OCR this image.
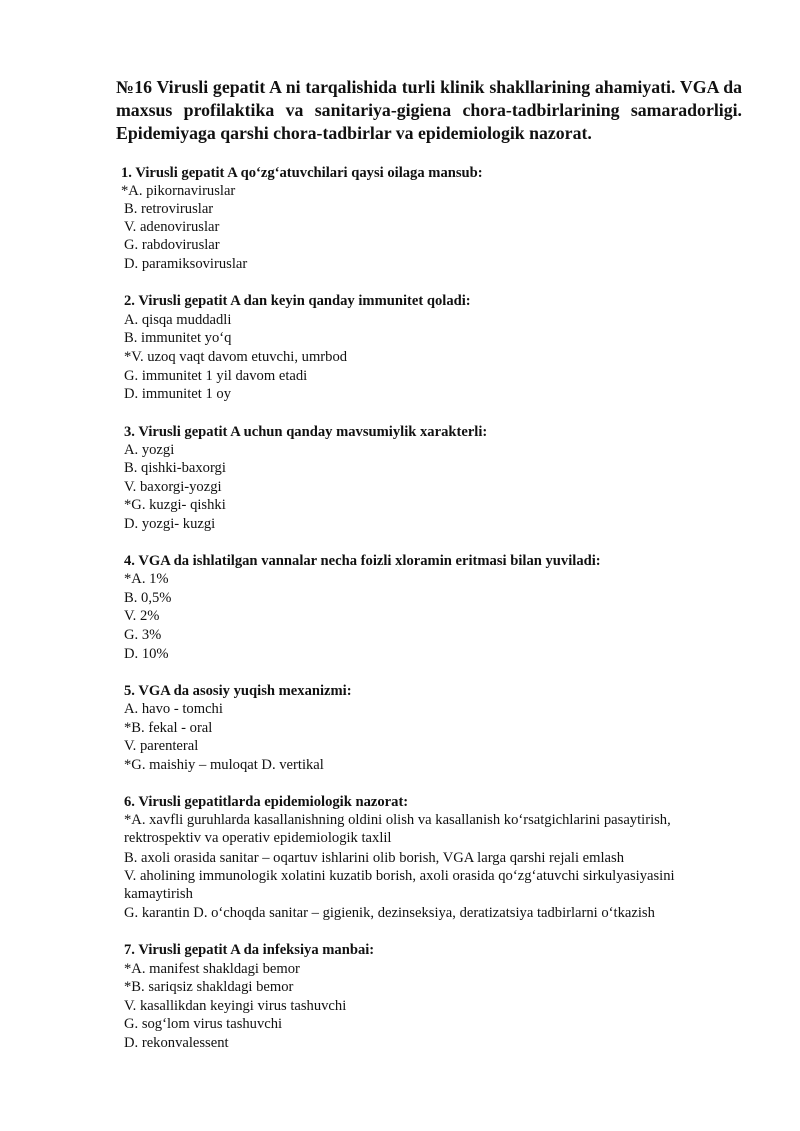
№16 Virusli gepatit A ni tarqalishida turli klinik shakllarining ahamiyati. VGA da maxsus profilaktika va sanitariya-gigiena chora-tadbirlarining samaradorligi. Epidemiyaga qarshi chora-tadbirlar va epidemiologik nazorat.
1. Virusli gepatit A qo‘zg‘atuvchilari qaysi oilaga mansub:
*A. pikornaviruslar
B. retroviruslar
V. adenoviruslar
G. rabdoviruslar
D. paramiksoviruslar
2. Virusli gepatit A dan keyin qanday immunitet qoladi:
A. qisqa muddadli
B. immunitet yo‘q
*V. uzoq vaqt davom etuvchi, umrbod
G. immunitet 1 yil davom etadi
D. immunitet 1 oy
3. Virusli gepatit A uchun qanday mavsumiylik xarakterli:
A. yozgi
B. qishki-baxorgi
V. baxorgi-yozgi
*G. kuzgi- qishki
D. yozgi- kuzgi
4. VGA da ishlatilgan vannalar necha foizli xloramin eritmasi bilan yuviladi:
*A. 1%
B. 0,5%
V. 2%
G. 3%
D. 10%
5. VGA da asosiy yuqish mexanizmi:
A. havo - tomchi
*B. fekal - oral
V. parenteral
*G. maishiy – muloqat D. vertikal
6. Virusli gepatitlarda epidemiologik nazorat:
*A. xavfli guruhlarda kasallanishning oldini olish va kasallanish ko‘rsatgichlarini pasaytirish, rektrospektiv va operativ epidemiologik taxlil
B. axoli orasida sanitar – oqartuv ishlarini olib borish, VGA larga qarshi rejali emlash
V. aholining immunologik xolatini kuzatib borish, axoli orasida qo‘zg‘atuvchi sirkulyasiyasini kamaytirish
G. karantin D. o‘choqda sanitar – gigienik, dezinseksiya, deratizatsiya tadbirlarni o‘tkazish
7. Virusli gepatit A da infeksiya manbai:
*A. manifest shakldagi bemor
*B. sariqsiz shakldagi bemor
V. kasallikdan keyingi virus tashuvchi
G. sog‘lom virus tashuvchi
D. rekonvalessent
